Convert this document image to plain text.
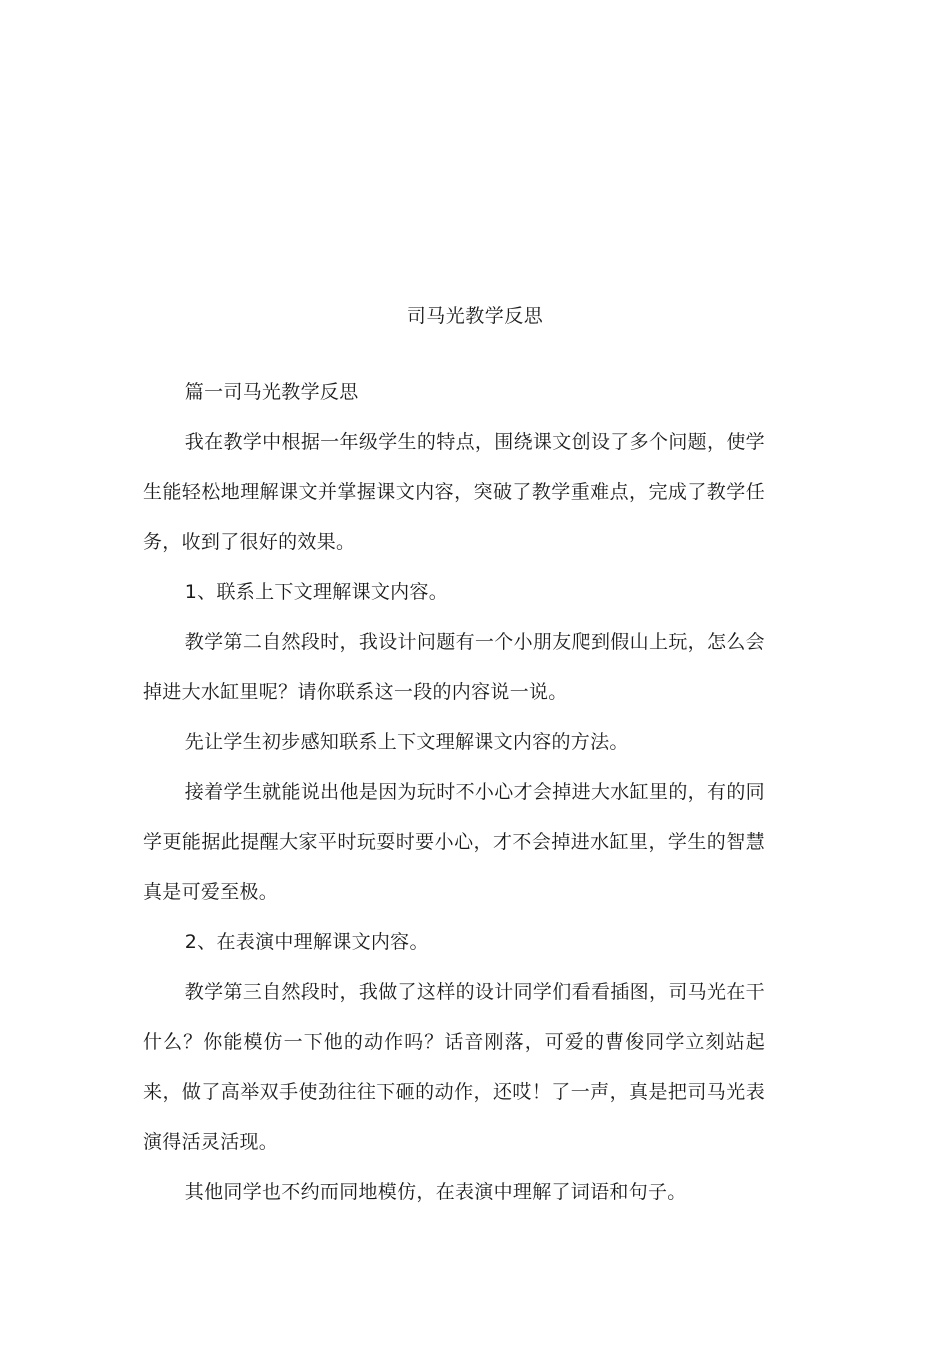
司马光教学反思

篇一司马光教学反思

我在教学中根据一年级学生的特点，围绕课文创设了多个问题，使学生能轻松地理解课文并掌握课文内容，突破了教学重难点，完成了教学任务，收到了很好的效果。

1、联系上下文理解课文内容。

教学第二自然段时，我设计问题有一个小朋友爬到假山上玩，怎么会掉进大水缸里呢？请你联系这一段的内容说一说。

先让学生初步感知联系上下文理解课文内容的方法。

接着学生就能说出他是因为玩时不小心才会掉进大水缸里的，有的同学更能据此提醒大家平时玩耍时要小心，才不会掉进水缸里，学生的智慧真是可爱至极。

2、在表演中理解课文内容。

教学第三自然段时，我做了这样的设计同学们看看插图，司马光在干什么？你能模仿一下他的动作吗？话音刚落，可爱的曹俊同学立刻站起来，做了高举双手使劲往往下砸的动作，还哎！了一声，真是把司马光表演得活灵活现。

其他同学也不约而同地模仿，在表演中理解了词语和句子。
